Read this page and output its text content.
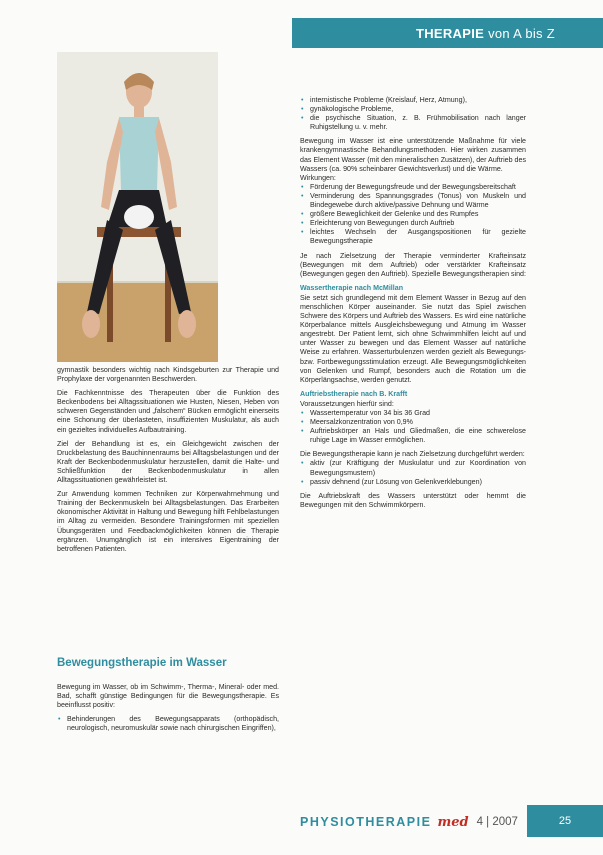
THERAPIE von A bis Z

gymnastik besonders wichtig nach Kindsgeburten zur Therapie und Prophylaxe der vorgenannten Beschwerden.

Die Fachkenntnisse des Therapeuten über die Funktion des Beckenbodens bei Alltagssituationen wie Husten, Niesen, Heben von schweren Gegenständen und „falschem“ Bücken ermöglicht einerseits eine Schonung der überlasteten, insuffizienten Muskulatur, als auch ein gezieltes individuelles Aufbautraining.

Ziel der Behandlung ist es, ein Gleichgewicht zwischen der Druckbelastung des Bauchinnenraums bei Alltagsbelastungen und der Kraft der Beckenbodenmuskulatur herzustellen, damit die Halte- und Schließfunktion der Beckenbodenmuskulatur in allen Alltagssituationen gewährleistet ist.

Zur Anwendung kommen Techniken zur Körperwahrnehmung und Training der Beckenmuskeln bei Alltagsbelastungen. Das Erarbeiten ökonomischer Aktivität in Haltung und Bewegung hilft Fehlbelastungen im Alltag zu vermeiden. Besondere Trainingsformen mit speziellen Übungsgeräten und Feedbackmöglichkeiten können die Therapie ergänzen. Unumgänglich ist ein intensives Eigentraining der betroffenen Patienten.

Bewegungstherapie im Wasser

Bewegung im Wasser, ob im Schwimm-, Therma-, Mineral- oder med. Bad, schafft günstige Bedingungen für die Bewegungstherapie. Es beeinflusst positiv:

• Behinderungen des Bewegungsapparats (orthopädisch, neurologisch, neuromuskulär sowie nach chirurgischen Eingriffen),
• internistische Probleme (Kreislauf, Herz, Atmung),
• gynäkologische Probleme,
• die psychische Situation, z. B. Frühmobilisation nach langer Ruhigstellung u. v. mehr.

Bewegung im Wasser ist eine unterstützende Maßnahme für viele krankengymnastische Behandlungsmethoden. Hier wirken zusammen das Element Wasser (mit den mineralischen Zusätzen), der Auftrieb des Wassers (ca. 90% scheinbarer Gewichtsverlust) und die Wärme.
Wirkungen:

• Förderung der Bewegungsfreude und der Bewegungsbereitschaft
• Verminderung des Spannungsgrades (Tonus) von Muskeln und Bindegewebe durch aktive/passive Dehnung und Wärme
• größere Beweglichkeit der Gelenke und des Rumpfes
• Erleichterung von Bewegungen durch Auftrieb
• leichtes Wechseln der Ausgangspositionen für gezielte Bewegungstherapie

Je nach Zielsetzung der Therapie verminderter Krafteinsatz (Bewegungen mit dem Auftrieb) oder verstärkter Krafteinsatz (Bewegungen gegen den Auftrieb). Spezielle Bewegungstherapien sind:

Wassertherapie nach McMillan

Sie setzt sich grundlegend mit dem Element Wasser in Bezug auf den menschlichen Körper auseinander. Sie nutzt das Spiel zwischen Schwere des Körpers und Auftrieb des Wassers. Es wird eine natürliche Körperbalance mittels Ausgleichsbewegung und Atmung im Wasser angestrebt. Der Patient lernt, sich ohne Schwimmhilfen leicht auf und unter Wasser zu bewegen und das Element Wasser auf natürliche Weise zu erfahren. Wasserturbulenzen werden gezielt als Bewegungs- bzw. Fortbewegungsstimulation erzeugt. Alle Bewegungsmöglichkeiten von Gelenken und Rumpf, besonders auch die Rotation um die Körperlängsachse, werden genutzt.

Auftriebstherapie nach B. Krafft

Voraussetzungen hierfür sind:

• Wassertemperatur von 34 bis 36 Grad
• Meersalzkonzentration von 0,9%
• Auftriebskörper an Hals und Gliedmaßen, die eine schwerelose ruhige Lage im Wasser ermöglichen.

Die Bewegungstherapie kann je nach Zielsetzung durchgeführt werden:

• aktiv (zur Kräftigung der Muskulatur und zur Koordination von Bewegungsmustern)
• passiv dehnend (zur Lösung von Gelenkverklebungen)

Die Auftriebskraft des Wassers unterstützt oder hemmt die Bewegungen mit den Schwimmkörpern.

PHYSIOTHERAPIE med 4 | 2007	25
